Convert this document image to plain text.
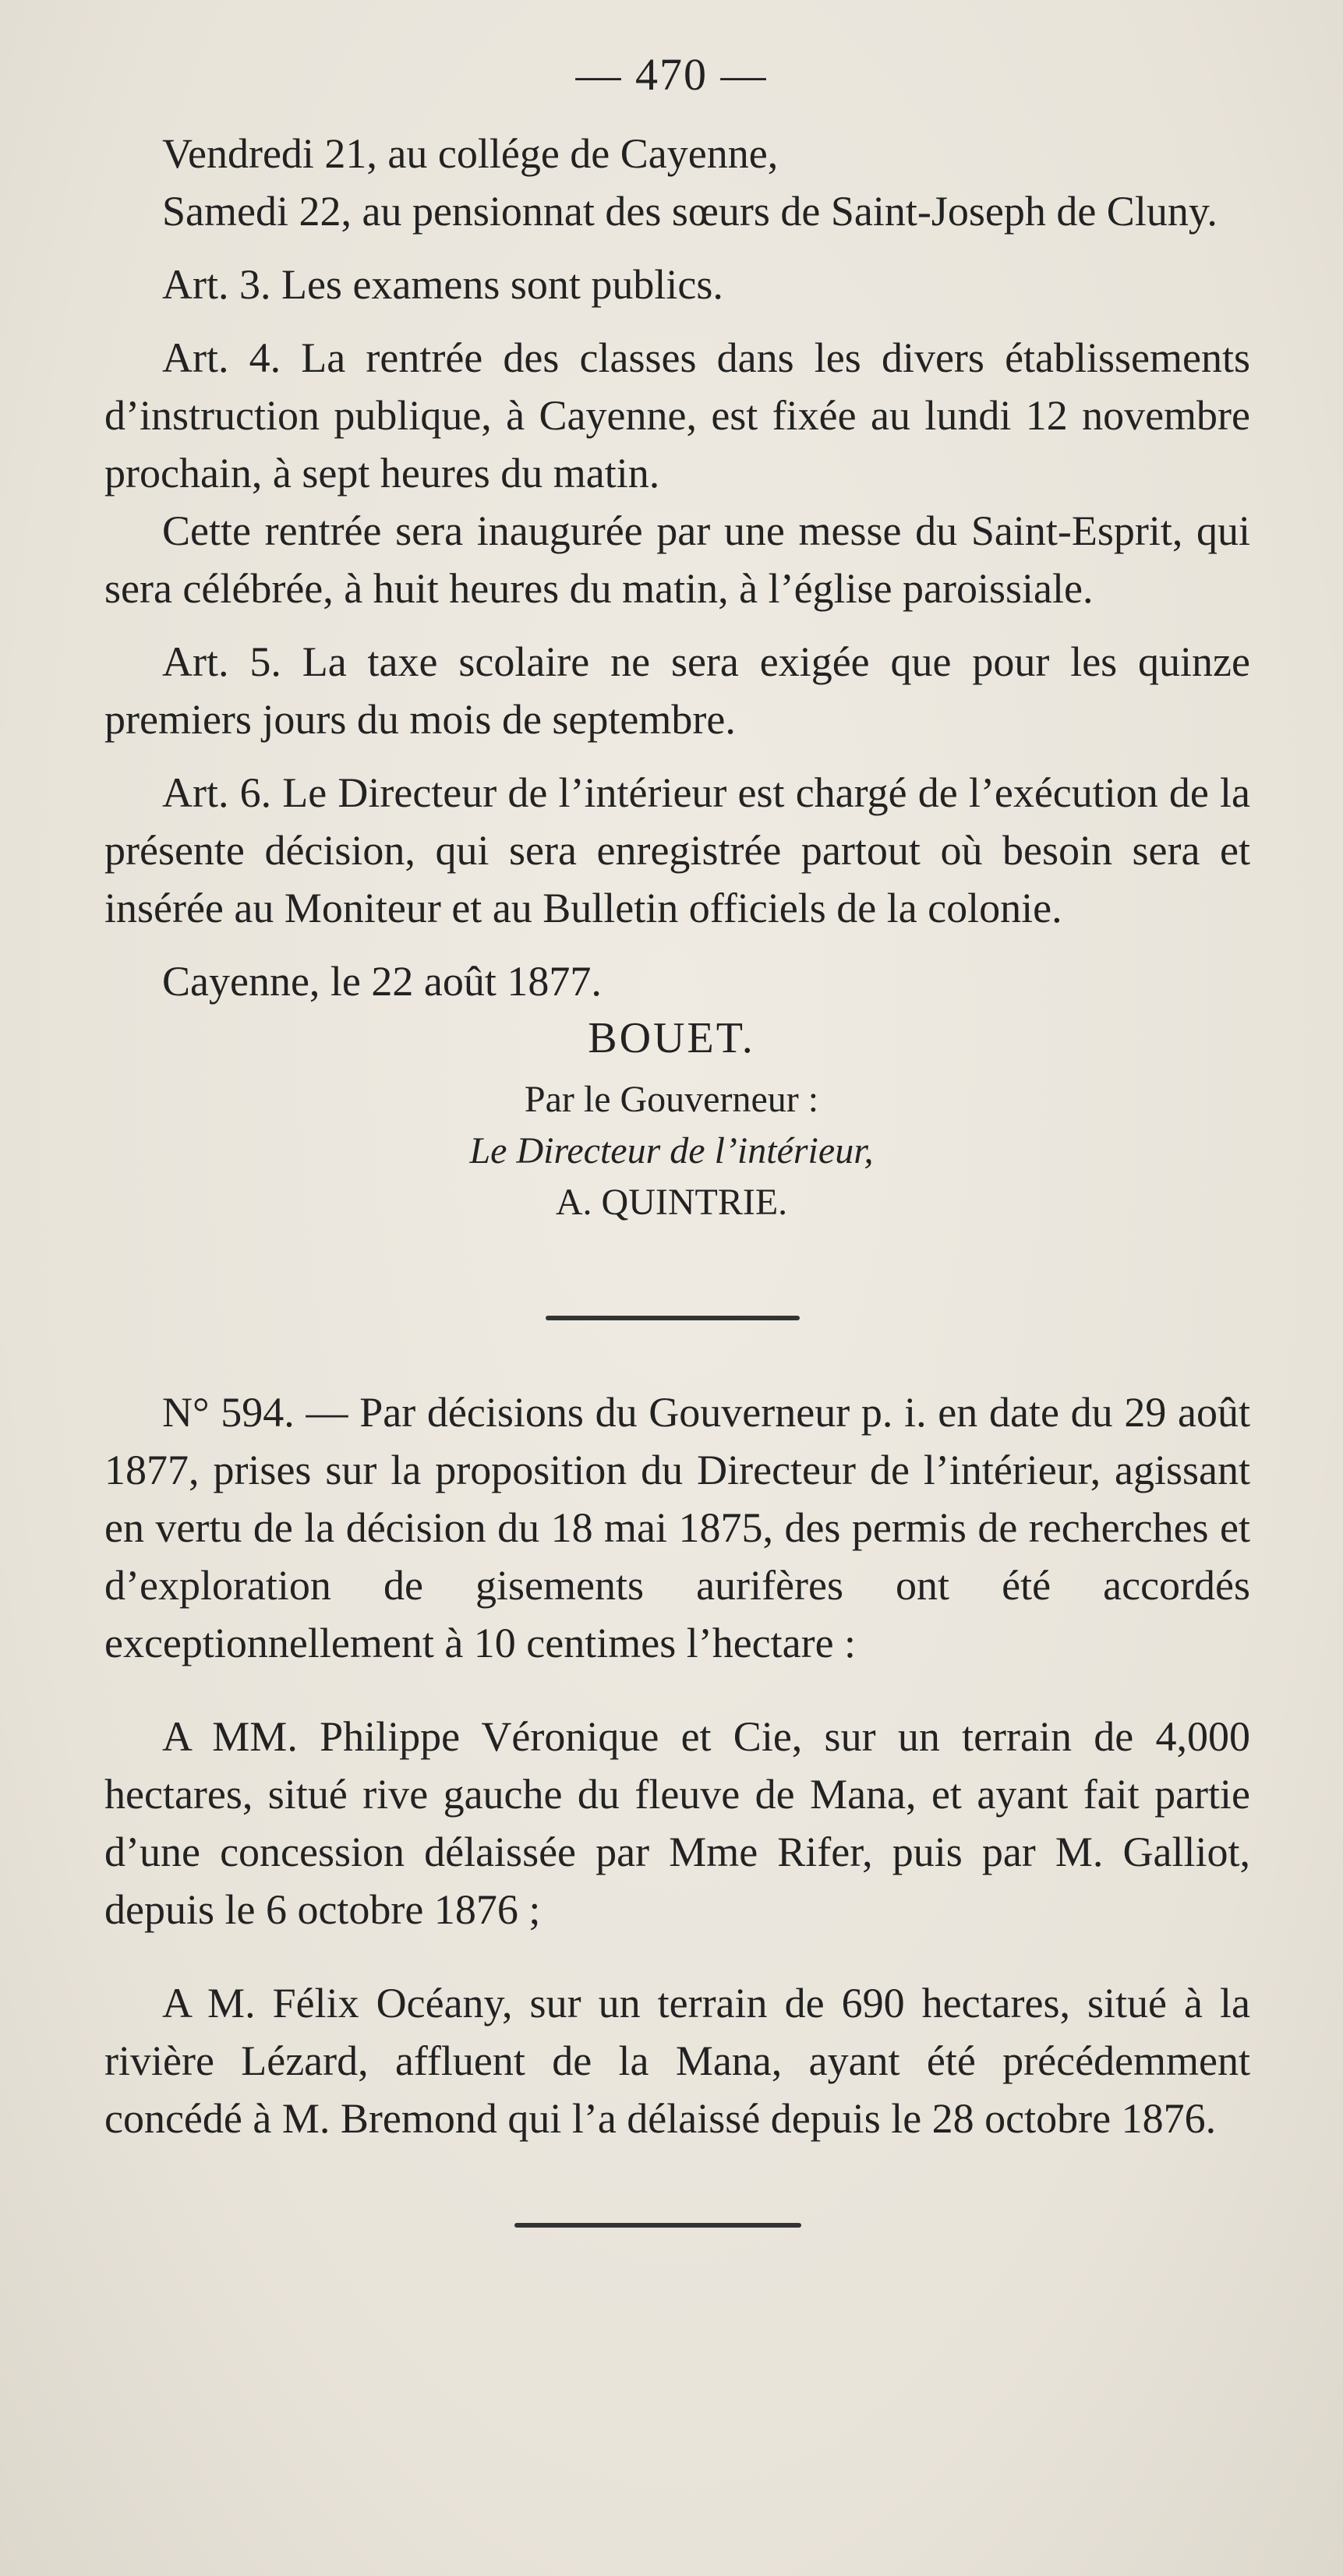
— 470 —

Vendredi 21, au collége de Cayenne,

Samedi 22, au pensionnat des sœurs de Saint-Joseph de Cluny.

Art. 3. Les examens sont publics.

Art. 4. La rentrée des classes dans les divers établissements d’instruction publique, à Cayenne, est fixée au lundi 12 novembre prochain, à sept heures du matin.

Cette rentrée sera inaugurée par une messe du Saint-Esprit, qui sera célébrée, à huit heures du matin, à l’église paroissiale.

Art. 5. La taxe scolaire ne sera exigée que pour les quinze premiers jours du mois de septembre.

Art. 6. Le Directeur de l’intérieur est chargé de l’exécution de la présente décision, qui sera enregistrée partout où besoin sera et insérée au Moniteur et au Bulletin officiels de la colonie.

Cayenne, le 22 août 1877.

BOUET.
Par le Gouverneur :
Le Directeur de l’intérieur,
A. QUINTRIE.

N° 594. — Par décisions du Gouverneur p. i. en date du 29 août 1877, prises sur la proposition du Directeur de l’intérieur, agissant en vertu de la décision du 18 mai 1875, des permis de recherches et d’exploration de gisements aurifères ont été accordés exceptionnellement à 10 centimes l’hectare :

A MM. Philippe Véronique et Cie, sur un terrain de 4,000 hectares, situé rive gauche du fleuve de Mana, et ayant fait partie d’une concession délaissée par Mme Rifer, puis par M. Galliot, depuis le 6 octobre 1876 ;

A M. Félix Océany, sur un terrain de 690 hectares, situé à la rivière Lézard, affluent de la Mana, ayant été précédemment concédé à M. Bremond qui l’a délaissé depuis le 28 octobre 1876.
